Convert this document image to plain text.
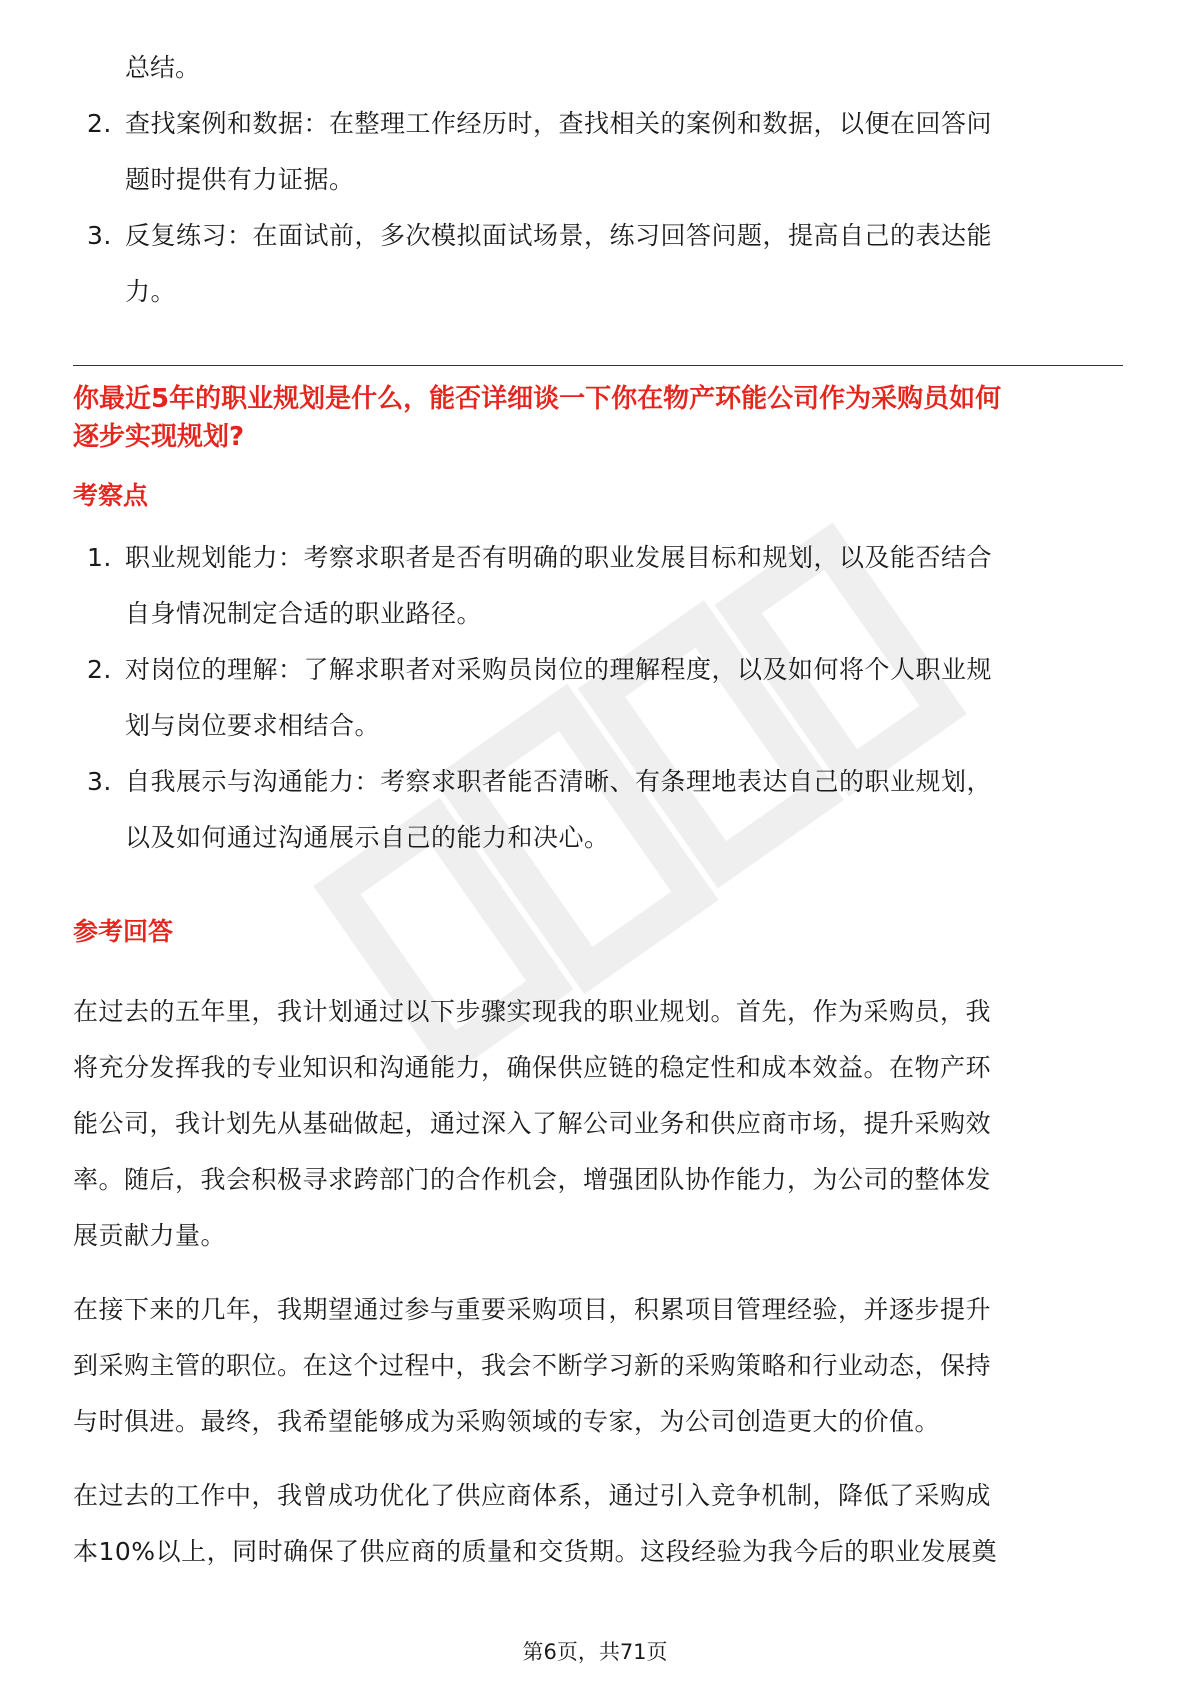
总结。
2. 查找案例和数据：在整理工作经历时，查找相关的案例和数据，以便在回答问
题时提供有力证据。
3. 反复练习：在面试前，多次模拟面试场景，练习回答问题，提高自己的表达能
力。

你最近5年的职业规划是什么，能否详细谈一下你在物产环能公司作为采购员如何
逐步实现规划?

考察点
1. 职业规划能力：考察求职者是否有明确的职业发展目标和规划，以及能否结合
自身情况制定合适的职业路径。
2. 对岗位的理解：了解求职者对采购员岗位的理解程度，以及如何将个人职业规
划与岗位要求相结合。
3. 自我展示与沟通能力：考察求职者能否清晰、有条理地表达自己的职业规划，
以及如何通过沟通展示自己的能力和决心。
参考回答

在过去的五年里，我计划通过以下步骤实现我的职业规划。首先，作为采购员，我
将充分发挥我的专业知识和沟通能力，确保供应链的稳定性和成本效益。在物产环
能公司，我计划先从基础做起，通过深入了解公司业务和供应商市场，提升采购效
率。随后，我会积极寻求跨部门的合作机会，增强团队协作能力，为公司的整体发
展贡献力量。

在接下来的几年，我期望通过参与重要采购项目，积累项目管理经验，并逐步提升
到采购主管的职位。在这个过程中，我会不断学习新的采购策略和行业动态，保持
与时俱进。最终，我希望能够成为采购领域的专家，为公司创造更大的价值。

在过去的工作中，我曾成功优化了供应商体系，通过引入竞争机制，降低了采购成
本10%以上，同时确保了供应商的质量和交货期。这段经验为我今后的职业发展奠

第6页，共71页
